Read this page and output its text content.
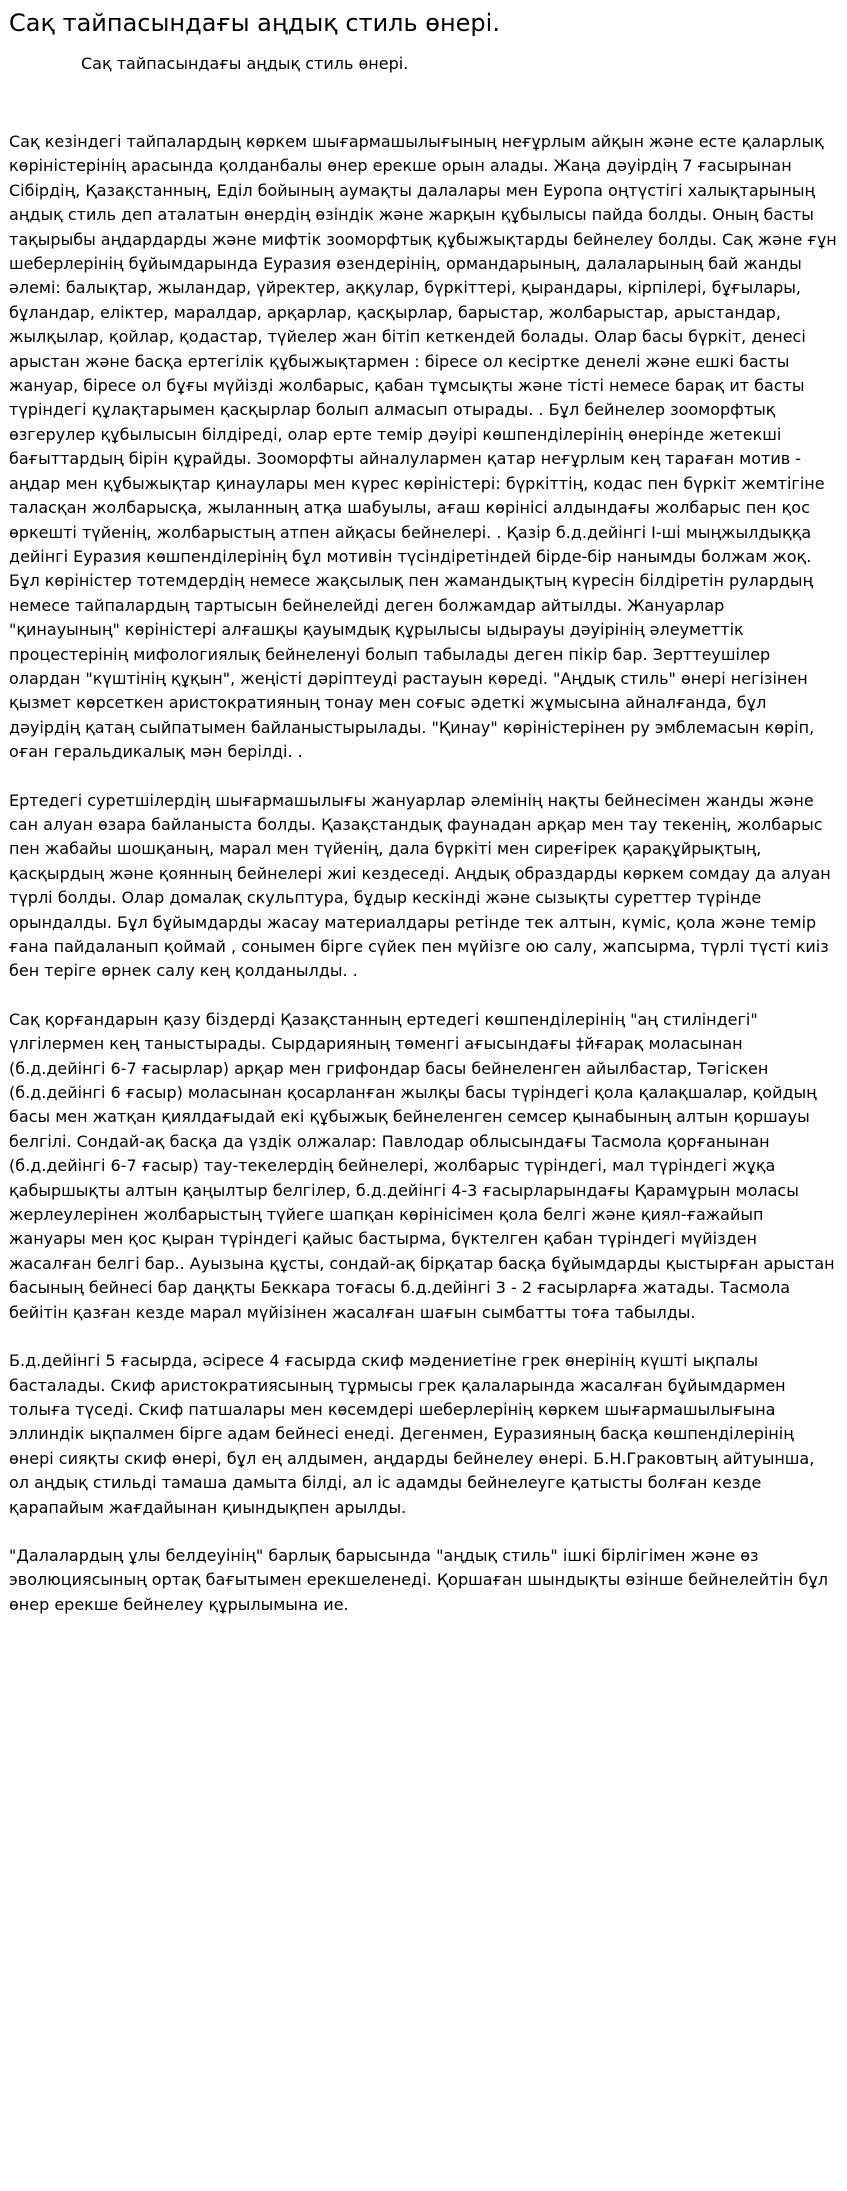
Сақ тайпасындағы аңдық стиль өнері.
Сақ тайпасындағы аңдық стиль өнері.

Сақ кезіндегі тайпалардың көркем шығармашылығының неғұрлым айқын және есте қаларлық көріністерінің арасында қолданбалы өнер ерекше орын алады. Жаңа дәуірдің 7 ғасырынан Сібірдің, Қазақстанның, Еділ бойының аумақты далалары мен Еуропа оңтүстігі халықтарының аңдық стиль деп аталатын өнердің өзіндік және жарқын құбылысы пайда болды. Оның басты тақырыбы аңдардарды және мифтік зооморфтық құбыжықтарды бейнелеу болды. Сақ және ғұн шеберлерінің бұйымдарында Еуразия өзендерінің, ормандарының, далаларының бай жанды әлемі: балықтар, жыландар, үйректер, аққулар, бүркіттері, қырандары, кірпілері, бұғылары, бұландар, еліктер, маралдар, арқарлар, қасқырлар, барыстар, жолбарыстар, арыстандар, жылқылар, қойлар, қодастар, түйелер жан бітіп кеткендей болады. Олар басы бүркіт, денесі арыстан және басқа ертегілік құбыжықтармен : біресе ол кесіртке денелі және ешкі басты жануар, біресе ол бұғы мүйізді жолбарыс, қабан тұмсықты және тісті немесе барақ ит басты түріндегі құлақтарымен қасқырлар болып алмасып отырады. . Бұл бейнелер зооморфтық өзгерулер құбылысын білдіреді, олар ерте темір дәуірі көшпенділерінің өнерінде жетекші бағыттардың бірін құрайды. Зооморфты айналулармен қатар неғұрлым кең тараған мотив - аңдар мен құбыжықтар қинаулары мен күрес көріністері: бүркіттің, кодас пен бүркіт жемтігіне таласқан жолбарысқа, жыланның атқа шабуылы, ағаш көрінісі алдындағы жолбарыс пен қос өркешті түйенің, жолбарыстың атпен айқасы бейнелері. . Қазір б.д.дейінгі I-ші мыңжылдыққа дейінгі Еуразия көшпенділерінің бұл мотивін түсіндіретіндей бірде-бір нанымды болжам жоқ. Бұл көріністер тотемдердің немесе жақсылық пен жамандықтың күресін білдіретін рулардың немесе тайпалардың тартысын бейнелейді деген болжамдар айтылды. Жануарлар "қинауының" көріністері алғашқы қауымдық құрылысы ыдырауы дәуірінің әлеуметтік процестерінің мифологиялық бейнеленуі болып табылады деген пікір бар. Зерттеушілер олардан "күштінің құқын", жеңісті дәріптеуді растауын көреді. "Аңдық стиль" өнері негізінен қызмет көрсеткен аристократияның тонау мен соғыс әдеткі жұмысына айналғанда, бұл дәуірдің қатаң сыйпатымен байланыстырылады. "Қинау" көріністерінен ру эмблемасын көріп, оған геральдикалық мән берілді. .

Ертедегі суретшілердің шығармашылығы жануарлар әлемінің нақты бейнесімен жанды және сан алуан өзара байланыста болды. Қазақстандық фаунадан арқар мен тау текенің, жолбарыс пен жабайы шошқаның, марал мен түйенің, дала бүркіті мен сиреғірек қарақұйрықтың, қасқырдың және қоянның бейнелері жиі кездеседі. Аңдық образдарды көркем сомдау да алуан түрлі болды. Олар домалақ скульптура, бұдыр кескінді және сызықты суреттер түрінде орындалды. Бұл бұйымдарды жасау материалдары ретінде тек алтын, күміс, қола және темір ғана пайдаланып қоймай , сонымен бірге сүйек пен мүйізге ою салу, жапсырма, түрлі түсті киіз бен теріге өрнек салу кең қолданылды. .

Сақ қорғандарын қазу біздерді Қазақстанның ертедегі көшпенділерінің "аң стиліндегі" үлгілермен кең таныстырады. Сырдарияның төменгі ағысындағы ‡йғарақ моласынан (б.д.дейінгі 6-7 ғасырлар) арқар мен грифондар басы бейнеленген айылбастар, Тәгіскен (б.д.дейінгі 6 ғасыр) моласынан қосарланған жылқы басы түріндегі қола қалақшалар, қойдың басы мен жатқан қиялдағыдай екі құбыжық бейнеленген семсер қынабының алтын қоршауы белгілі. Сондай-ақ басқа да үздік олжалар: Павлодар облысындағы Тасмола қорғанынан (б.д.дейінгі 6-7 ғасыр) тау-текелердің бейнелері, жолбарыс түріндегі, мал түріндегі жұқа қабыршықты алтын қаңылтыр белгілер, б.д.дейінгі 4-3 ғасырларындағы Қарамұрын моласы жерлеулерінен жолбарыстың түйеге шапқан көрінісімен қола белгі және қиял-ғажайып жануары мен қос қыран түріндегі қайыс бастырма, бүктелген қабан түріндегі мүйізден жасалған белгі бар.. Ауызына құсты, сондай-ақ бірқатар басқа бұйымдарды қыстырған арыстан басының бейнесі бар даңқты Беккара тоғасы б.д.дейінгі 3 - 2 ғасырларға жатады. Тасмола бейітін қазған кезде марал мүйізінен жасалған шағын сымбатты тоға табылды.

Б.д.дейінгі 5 ғасырда, әсіресе 4 ғасырда скиф мәдениетіне грек өнерінің күшті ықпалы басталады. Скиф аристократиясының тұрмысы грек қалаларында жасалған бұйымдармен толыға түседі. Скиф патшалары мен көсемдері шеберлерінің көркем шығармашылығына эллиндік ықпалмен бірге адам бейнесі енеді. Дегенмен, Еуразияның басқа көшпенділерінің өнері сияқты скиф өнері, бұл ең алдымен, аңдарды бейнелеу өнері. Б.Н.Граковтың айтуынша, ол аңдық стильді тамаша дамыта білді, ал іс адамды бейнелеуге қатысты болған кезде қарапайым жағдайынан қиындықпен арылды.

"Далалардың ұлы белдеуінің" барлық барысында "аңдық стиль" ішкі бірлігімен және өз эволюциясының ортақ бағытымен ерекшеленеді. Қоршаған шындықты өзінше бейнелейтін бұл өнер ерекше бейнелеу құрылымына ие.
